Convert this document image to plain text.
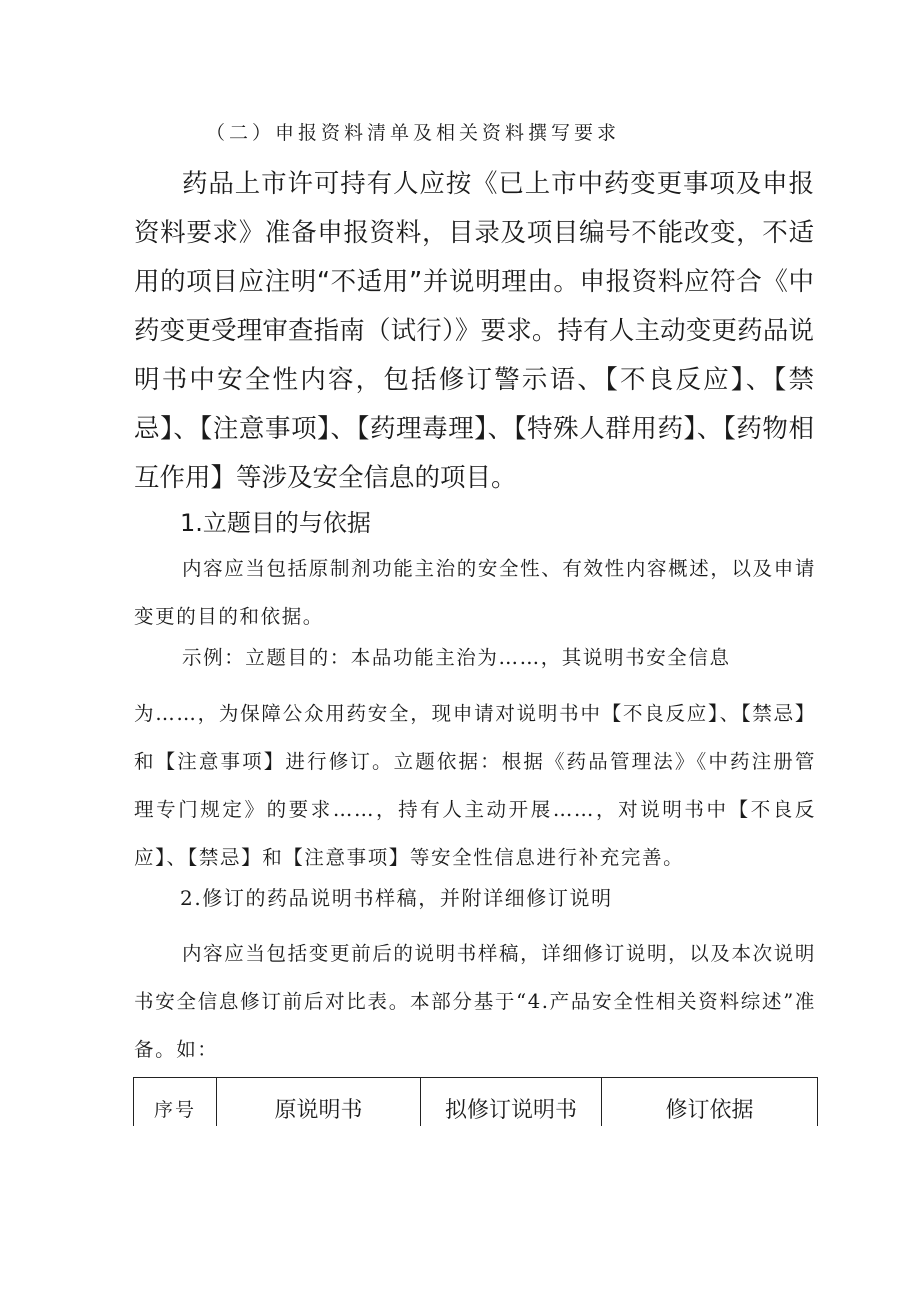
（二）申报资料清单及相关资料撰写要求

药品上市许可持有人应按《已上市中药变更事项及申报资料要求》准备申报资料，目录及项目编号不能改变，不适用的项目应注明“不适用”并说明理由。申报资料应符合《中药变更受理审查指南（试行）》要求。持有人主动变更药品说明书中安全性内容，包括修订警示语、【不良反应】、【禁忌】、【注意事项】、【药理毒理】、【特殊人群用药】、【药物相互作用】等涉及安全信息的项目。

1.立题目的与依据

内容应当包括原制剂功能主治的安全性、有效性内容概述，以及申请变更的目的和依据。

示例：立题目的：本品功能主治为……，其说明书安全信息

为……，为保障公众用药安全，现申请对说明书中【不良反应】、【禁忌】和【注意事项】进行修订。立题依据：根据《药品管理法》《中药注册管理专门规定》的要求……，持有人主动开展……，对说明书中【不良反应】、【禁忌】和【注意事项】等安全性信息进行补充完善。

2.修订的药品说明书样稿，并附详细修订说明

内容应当包括变更前后的说明书样稿，详细修订说明，以及本次说明书安全信息修订前后对比表。本部分基于“4.产品安全性相关资料综述”准备。如：

序号	原说明书	拟修订说明书	修订依据
